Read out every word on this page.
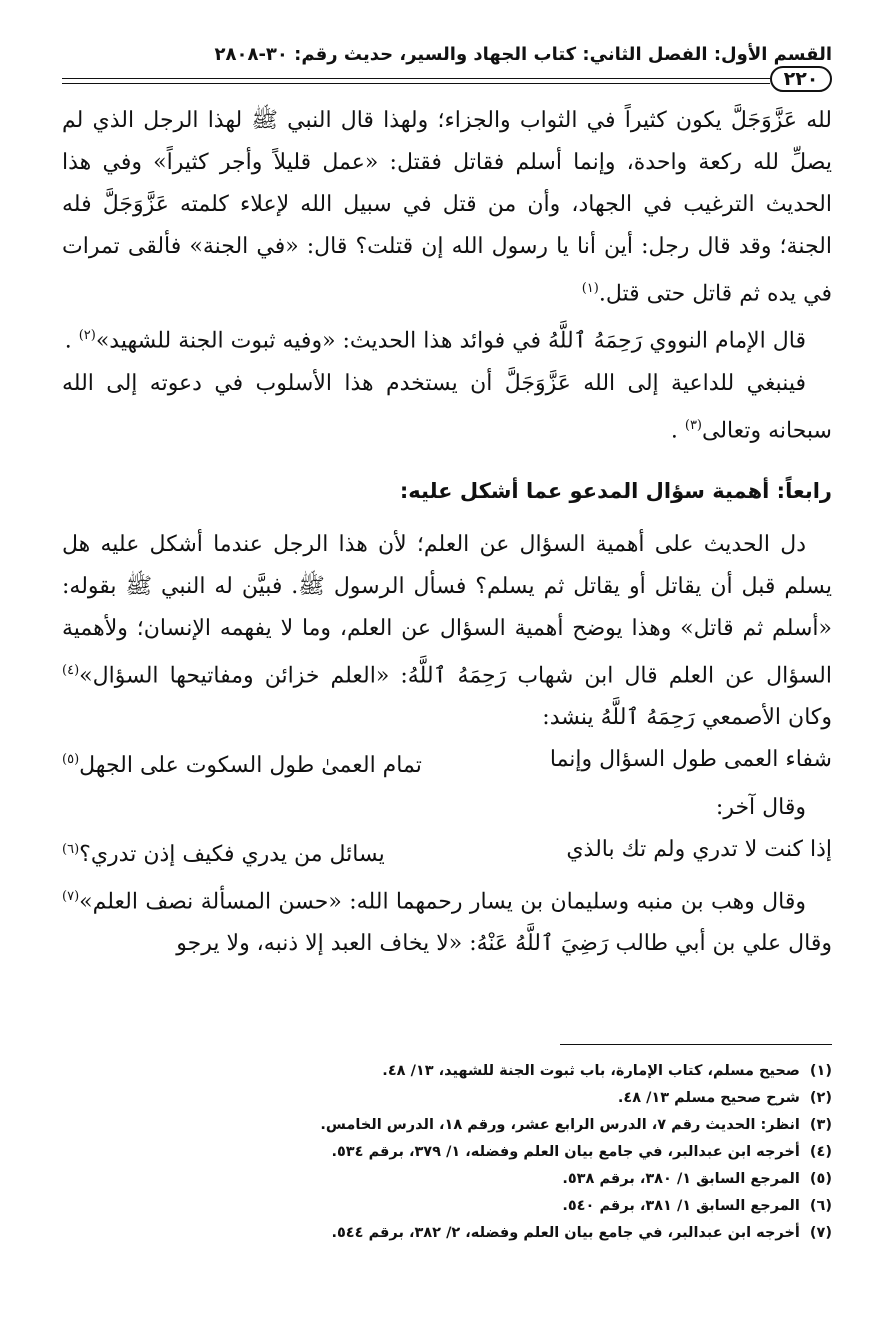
القسم الأول: الفصل الثاني: كتاب الجهاد والسير، حديث رقم: ٣٠-٢٨٠٨
٢٢٠

لله عَزَّوَجَلَّ يكون كثيراً في الثواب والجزاء؛ ولهذا قال النبي ﷺ لهذا الرجل الذي لم يصلِّ لله ركعة واحدة، وإنما أسلم فقاتل فقتل: «عمل قليلاً وأجر كثيراً» وفي هذا الحديث الترغيب في الجهاد، وأن من قتل في سبيل الله لإعلاء كلمته عَزَّوَجَلَّ فله الجنة؛ وقد قال رجل: أين أنا يا رسول الله إن قتلت؟ قال: «في الجنة» فألقى تمرات في يده ثم قاتل حتى قتل.$^{(١)}$

قال الإمام النووي رَحِمَهُ ٱللَّهُ في فوائد هذا الحديث: «وفيه ثبوت الجنة للشهيد»$^{(٢)}$ .

فينبغي للداعية إلى الله عَزَّوَجَلَّ أن يستخدم هذا الأسلوب في دعوته إلى الله سبحانه وتعالى$^{(٣)}$ .

رابعاً: أهمية سؤال المدعو عما أشكل عليه:

دل الحديث على أهمية السؤال عن العلم؛ لأن هذا الرجل عندما أشكل عليه هل يسلم قبل أن يقاتل أو يقاتل ثم يسلم؟ فسأل الرسول ﷺ. فبيَّن له النبي ﷺ بقوله: «أسلم ثم قاتل» وهذا يوضح أهمية السؤال عن العلم، وما لا يفهمه الإنسان؛ ولأهمية السؤال عن العلم قال ابن شهاب رَحِمَهُ ٱللَّهُ: «العلم خزائن ومفاتيحها السؤال»$^{(٤)}$ وكان الأصمعي رَحِمَهُ ٱللَّهُ ينشد:

شفاء العمى طول السؤال وإنما
تمام العمىٰ طول السكوت على الجهل$^{(٥)}$

وقال آخر:

إذا كنت لا تدري ولم تك بالذي
يسائل من يدري فكيف إذن تدري؟$^{(٦)}$

وقال وهب بن منبه وسليمان بن يسار رحمهما الله: «حسن المسألة نصف العلم»$^{(٧)}$ وقال علي بن أبي طالب رَضِيَ ٱللَّهُ عَنْهُ: «لا يخاف العبد إلا ذنبه، ولا يرجو

(١)صحيح مسلم، كتاب الإمارة، باب ثبوت الجنة للشهيد، ١٣/ ٤٨.
(٢)شرح صحيح مسلم ١٣/ ٤٨.
(٣)انظر: الحديث رقم ٧، الدرس الرابع عشر، ورقم ١٨، الدرس الخامس.
(٤)أخرجه ابن عبدالبر، في جامع بيان العلم وفضله، ١/ ٣٧٩، برقم ٥٣٤.
(٥)المرجع السابق ١/ ٣٨٠، برقم ٥٣٨.
(٦)المرجع السابق ١/ ٣٨١، برقم ٥٤٠.
(٧)أخرجه ابن عبدالبر، في جامع بيان العلم وفضله، ٢/ ٣٨٢، برقم ٥٤٤.
